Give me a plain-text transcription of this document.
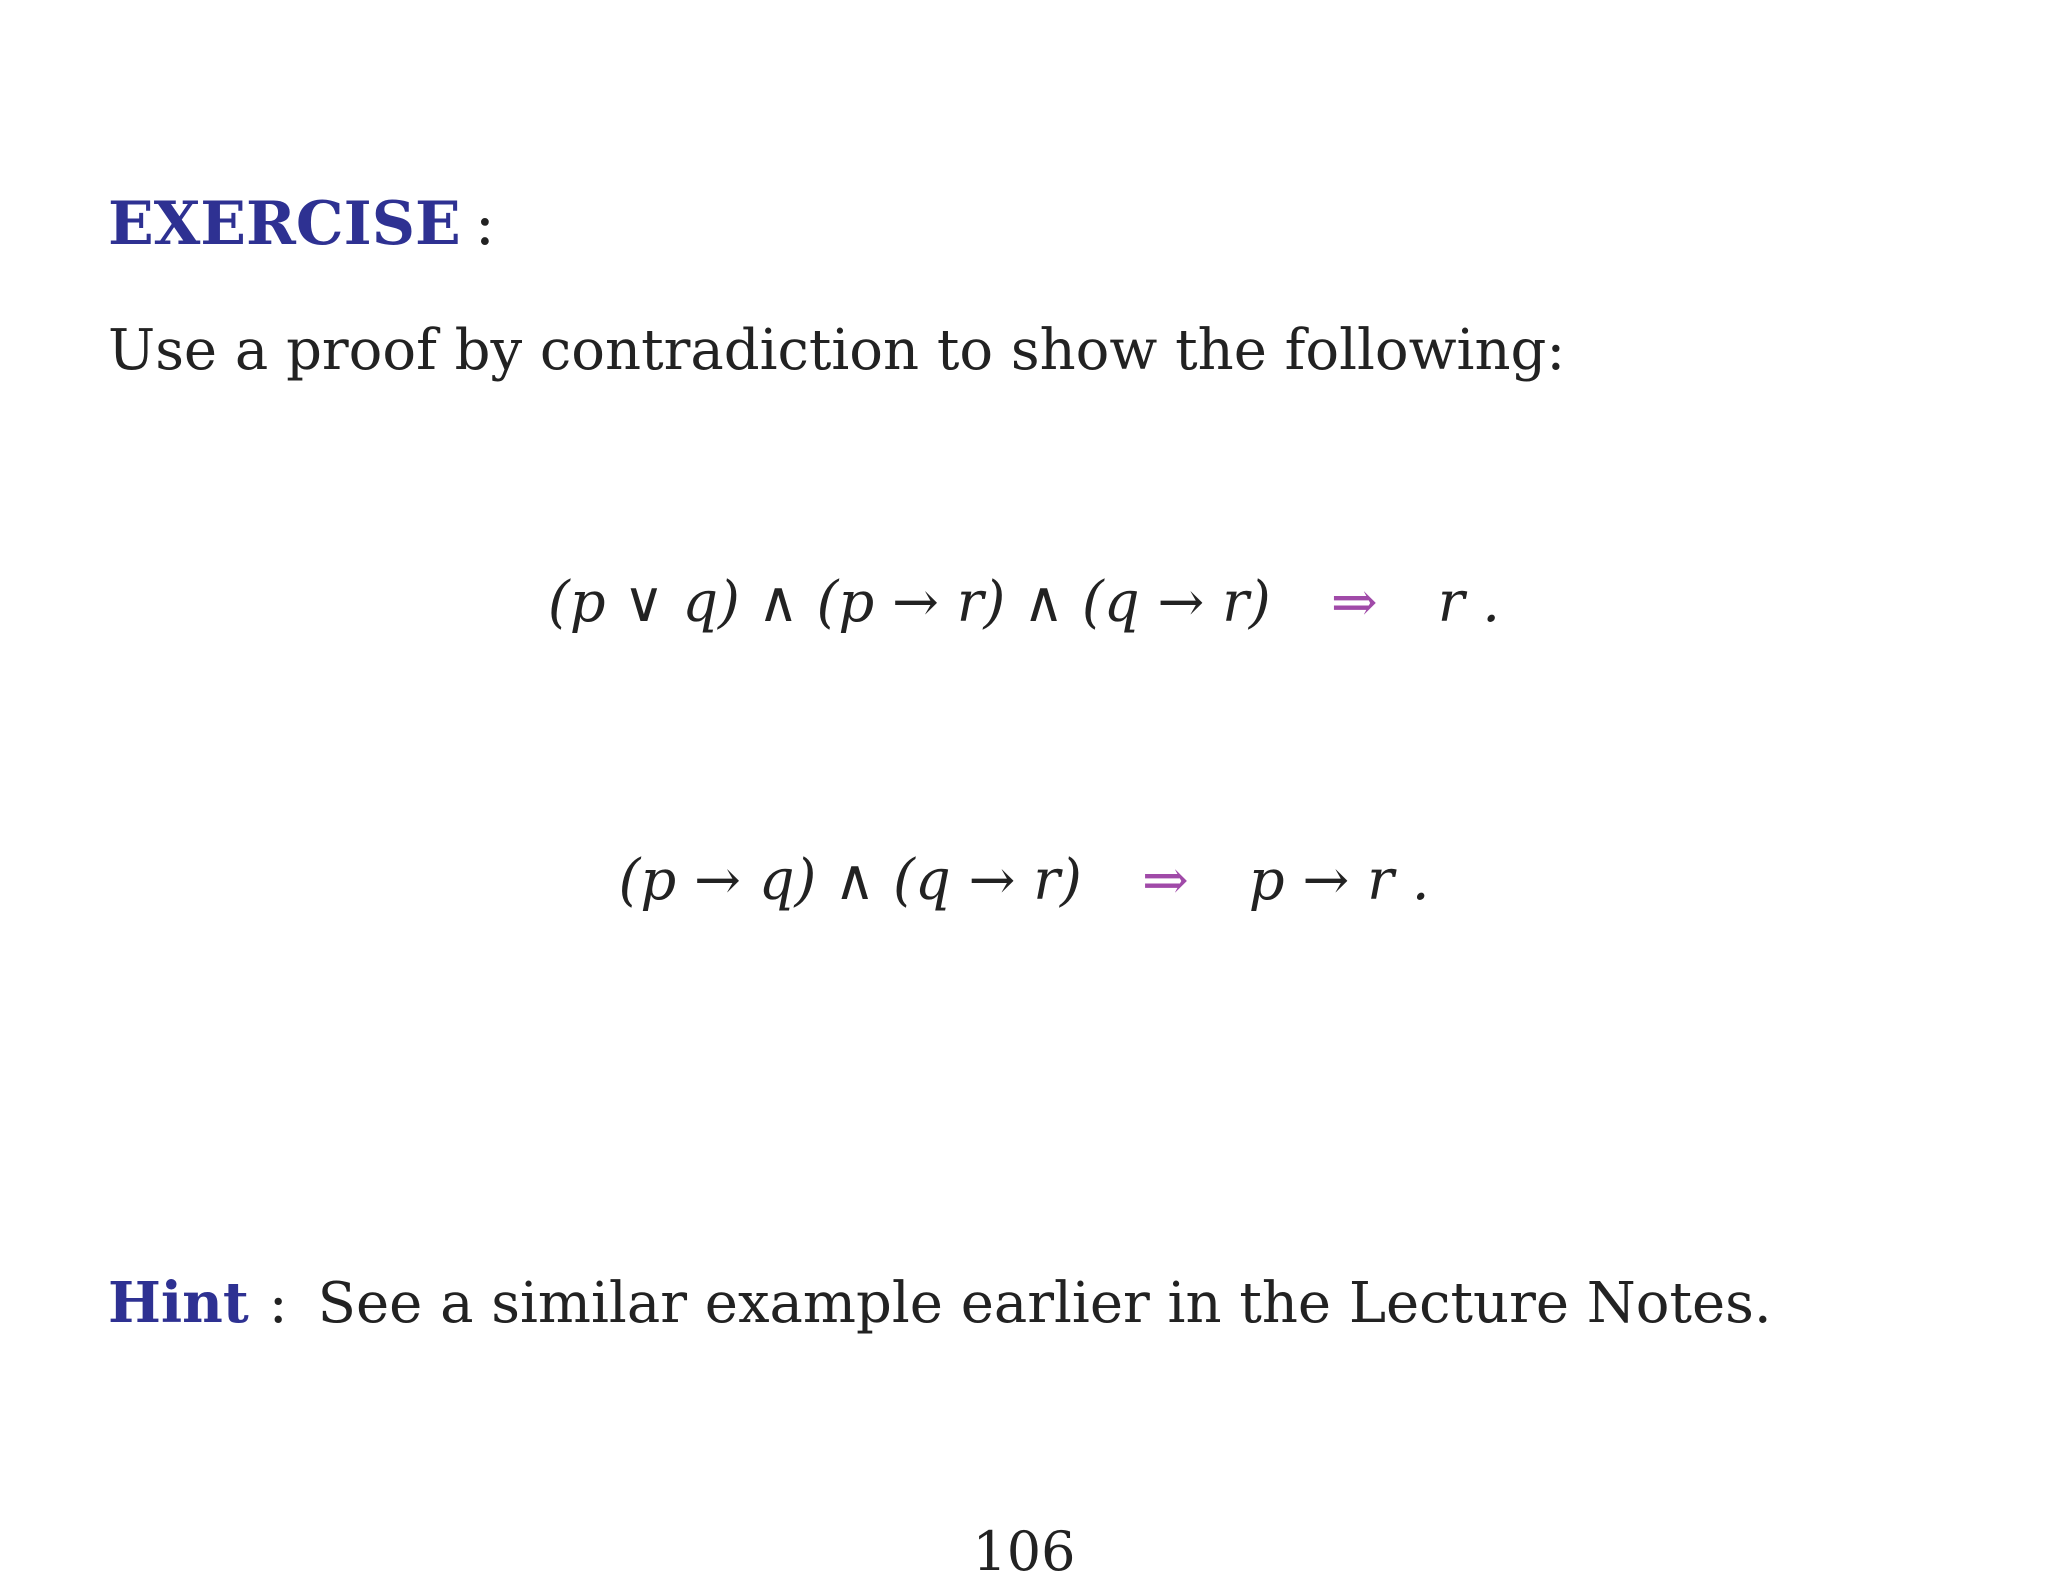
EXERCISE :
Use a proof by contradiction to show the following:
(p ∨ q) ∧ (p → r) ∧ (q → r) ⇒ r .
(p → q) ∧ (q → r) ⇒ p → r .
Hint : See a similar example earlier in the Lecture Notes.
106
